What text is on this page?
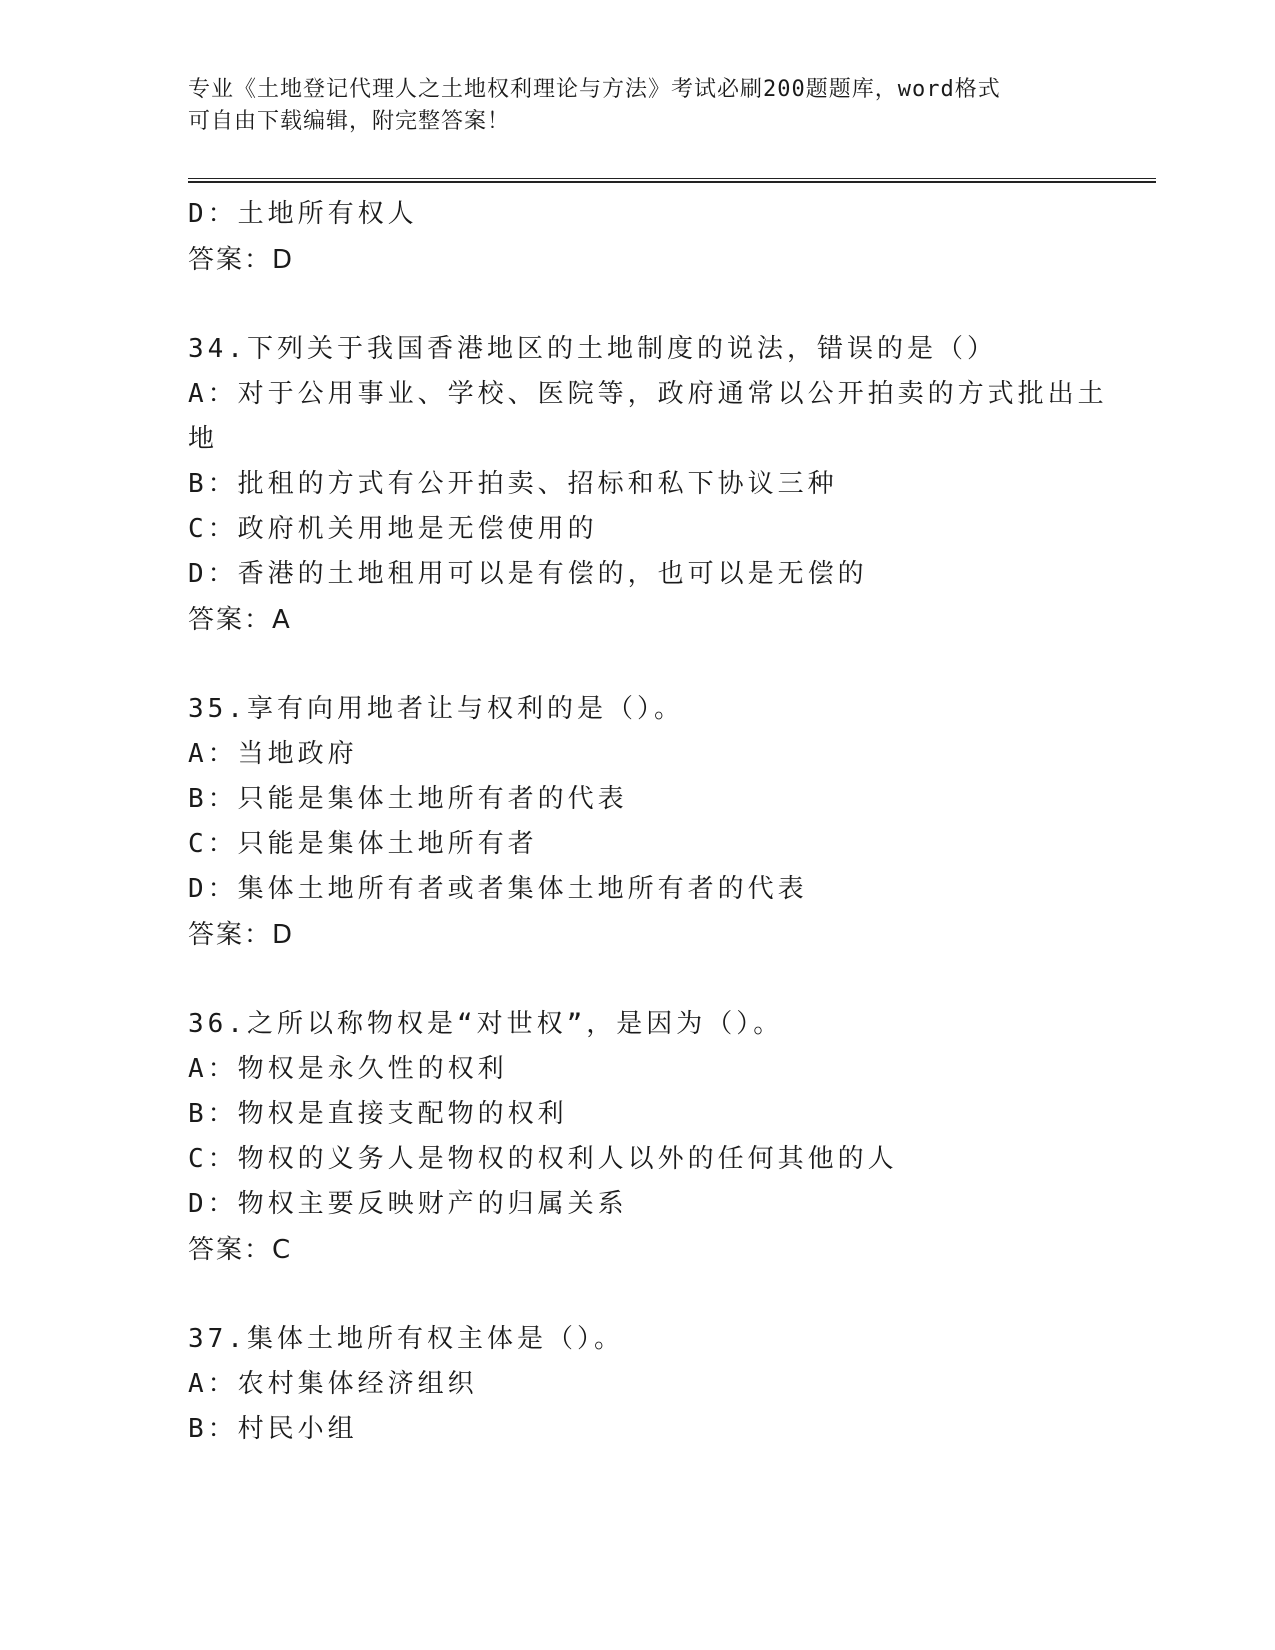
专业《土地登记代理人之土地权利理论与方法》考试必刷200题题库，word格式
可自由下载编辑，附完整答案！
D：土地所有权人
答案：D
34.下列关于我国香港地区的土地制度的说法，错误的是（）
A：对于公用事业、学校、医院等，政府通常以公开拍卖的方式批出土
地
B：批租的方式有公开拍卖、招标和私下协议三种
C：政府机关用地是无偿使用的
D：香港的土地租用可以是有偿的，也可以是无偿的
答案：A
35.享有向用地者让与权利的是（）。
A：当地政府
B：只能是集体土地所有者的代表
C：只能是集体土地所有者
D：集体土地所有者或者集体土地所有者的代表
答案：D
36.之所以称物权是“对世权”，是因为（）。
A：物权是永久性的权利
B：物权是直接支配物的权利
C：物权的义务人是物权的权利人以外的任何其他的人
D：物权主要反映财产的归属关系
答案：C
37.集体土地所有权主体是（）。
A：农村集体经济组织
B：村民小组
